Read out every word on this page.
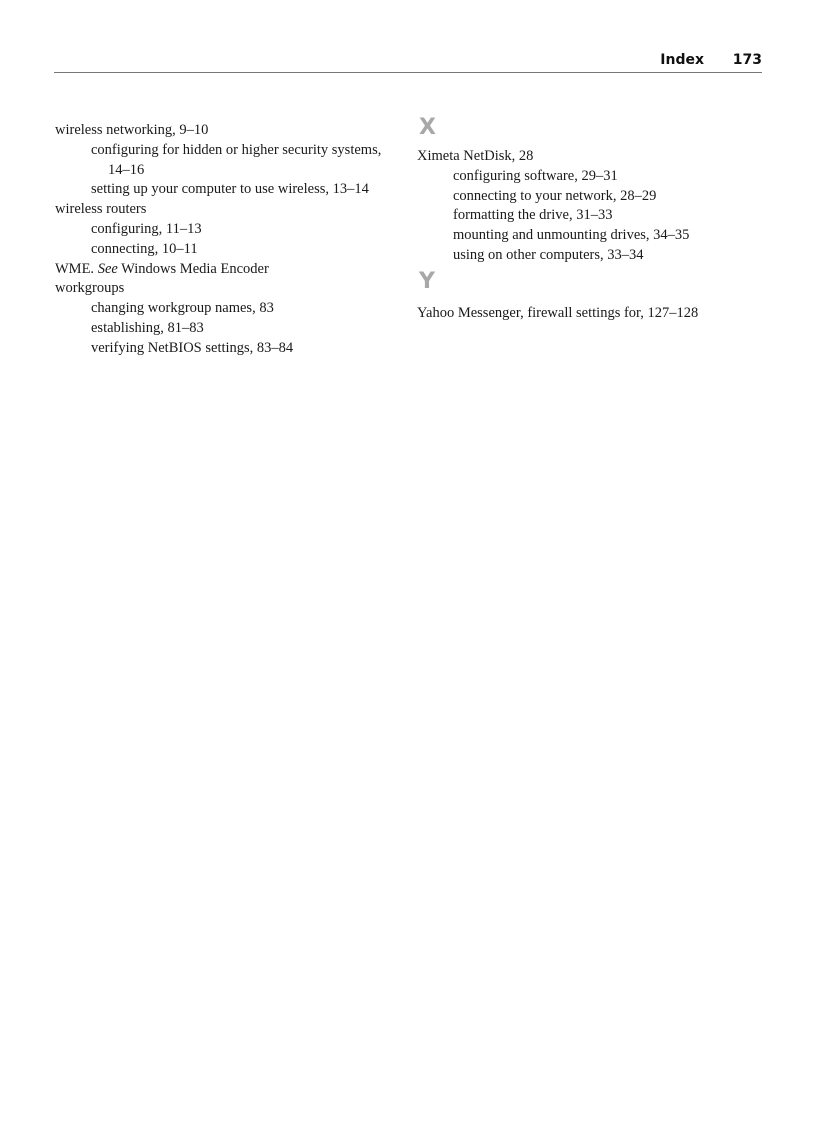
Index 173
wireless networking, 9–10
configuring for hidden or higher security systems, 14–16
setting up your computer to use wireless, 13–14
wireless routers
configuring, 11–13
connecting, 10–11
WME. See Windows Media Encoder
workgroups
changing workgroup names, 83
establishing, 81–83
verifying NetBIOS settings, 83–84
X
Ximeta NetDisk, 28
configuring software, 29–31
connecting to your network, 28–29
formatting the drive, 31–33
mounting and unmounting drives, 34–35
using on other computers, 33–34
Y
Yahoo Messenger, firewall settings for, 127–128
